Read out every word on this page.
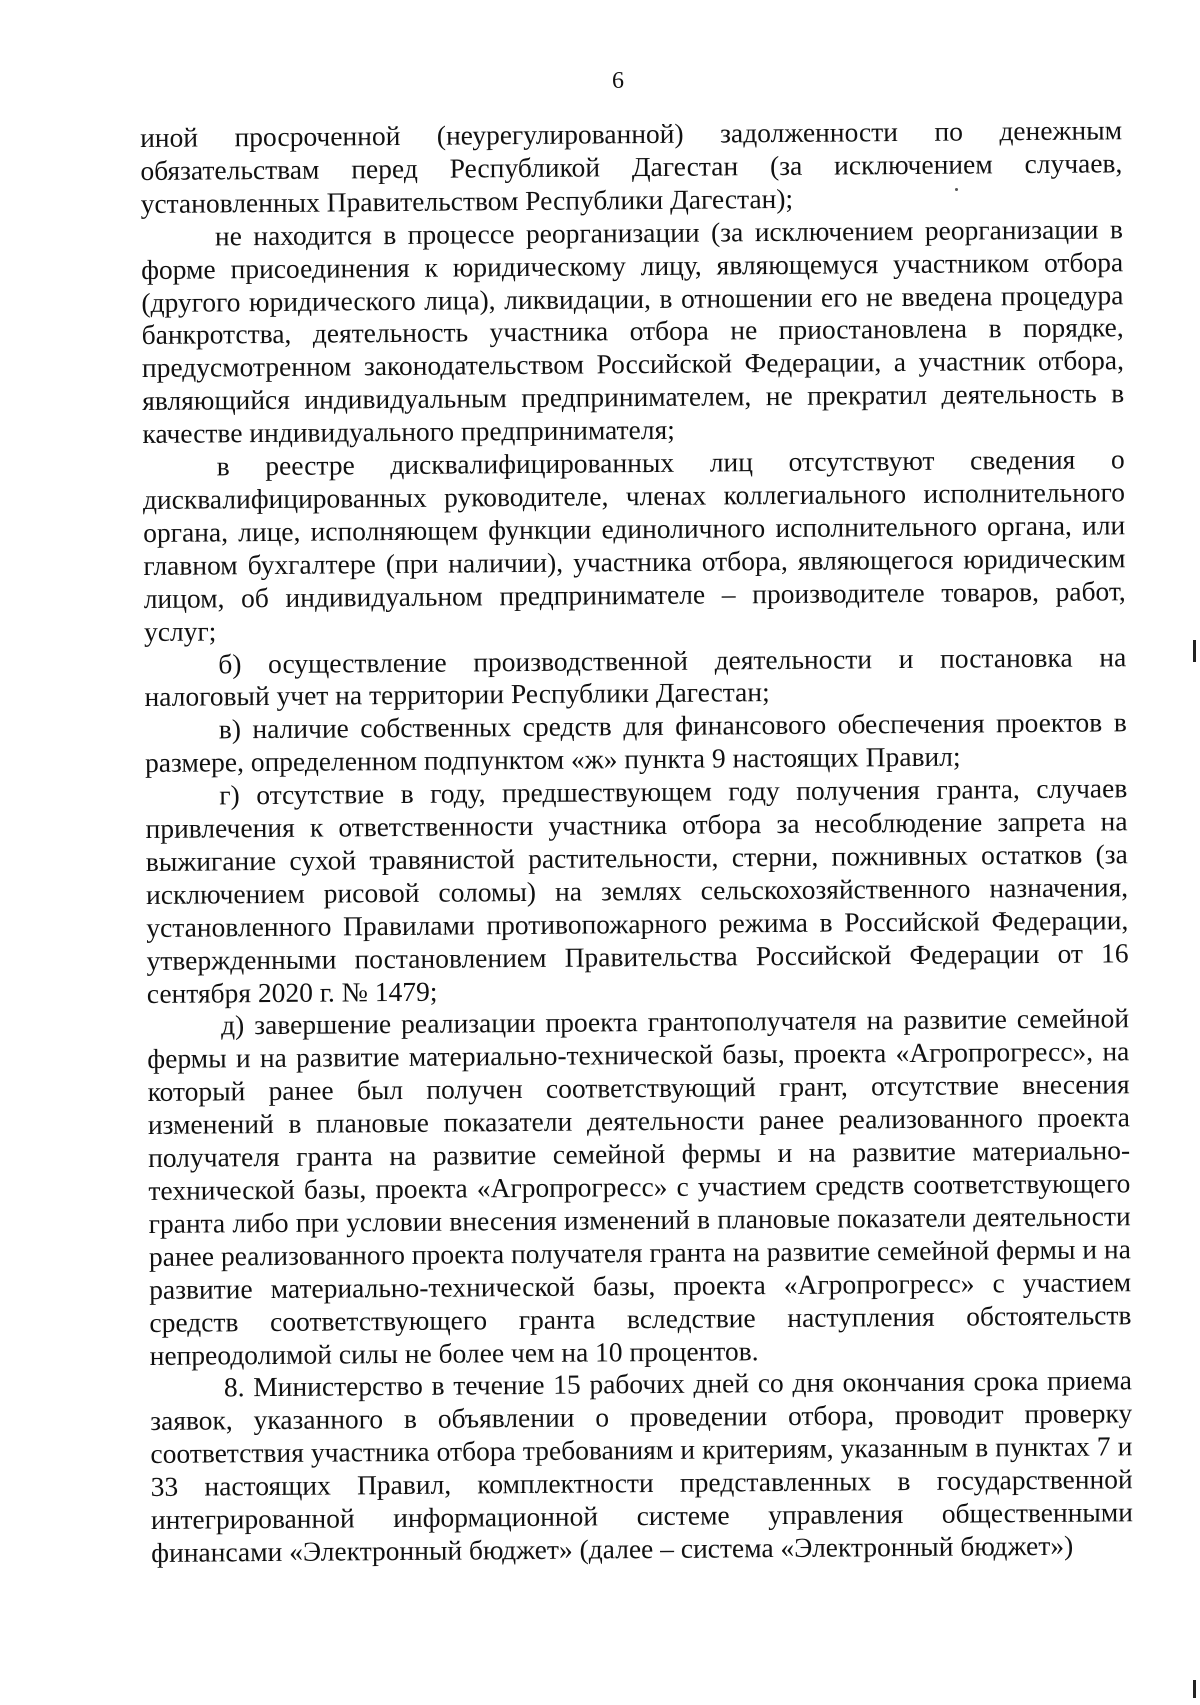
6

иной просроченной (неурегулированной) задолженности по денежным обязательствам перед Республикой Дагестан (за исключением случаев, установленных Правительством Республики Дагестан);

не находится в процессе реорганизации (за исключением реорганизации в форме присоединения к юридическому лицу, являющемуся участником отбора (другого юридического лица), ликвидации, в отношении его не введена процедура банкротства, деятельность участника отбора не приостановлена в порядке, предусмотренном законодательством Российской Федерации, а участник отбора, являющийся индивидуальным предпринимателем, не прекратил деятельность в качестве индивидуального предпринимателя;

в реестре дисквалифицированных лиц отсутствуют сведения о дисквалифицированных руководителе, членах коллегиального исполнительного органа, лице, исполняющем функции единоличного исполнительного органа, или главном бухгалтере (при наличии), участника отбора, являющегося юридическим лицом, об индивидуальном предпринимателе – производителе товаров, работ, услуг;

б) осуществление производственной деятельности и постановка на налоговый учет на территории Республики Дагестан;

в) наличие собственных средств для финансового обеспечения проектов в размере, определенном подпунктом «ж» пункта 9 настоящих Правил;

г) отсутствие в году, предшествующем году получения гранта, случаев привлечения к ответственности участника отбора за несоблюдение запрета на выжигание сухой травянистой растительности, стерни, пожнивных остатков (за исключением рисовой соломы) на землях сельскохозяйственного назначения, установленного Правилами противопожарного режима в Российской Федерации, утвержденными постановлением Правительства Российской Федерации от 16 сентября 2020 г. № 1479;

д) завершение реализации проекта грантополучателя на развитие семейной фермы и на развитие материально-технической базы, проекта «Агропрогресс», на который ранее был получен соответствующий грант, отсутствие внесения изменений в плановые показатели деятельности ранее реализованного проекта получателя гранта на развитие семейной фермы и на развитие материально-технической базы, проекта «Агропрогресс» с участием средств соответствующего гранта либо при условии внесения изменений в плановые показатели деятельности ранее реализованного проекта получателя гранта на развитие семейной фермы и на развитие материально-технической базы, проекта «Агропрогресс» с участием средств соответствующего гранта вследствие наступления обстоятельств непреодолимой силы не более чем на 10 процентов.

8. Министерство в течение 15 рабочих дней со дня окончания срока приема заявок, указанного в объявлении о проведении отбора, проводит проверку соответствия участника отбора требованиям и критериям, указанным в пунктах 7 и 33 настоящих Правил, комплектности представленных в государственной интегрированной информационной системе управления общественными финансами «Электронный бюджет» (далее – система «Электронный бюджет»)
